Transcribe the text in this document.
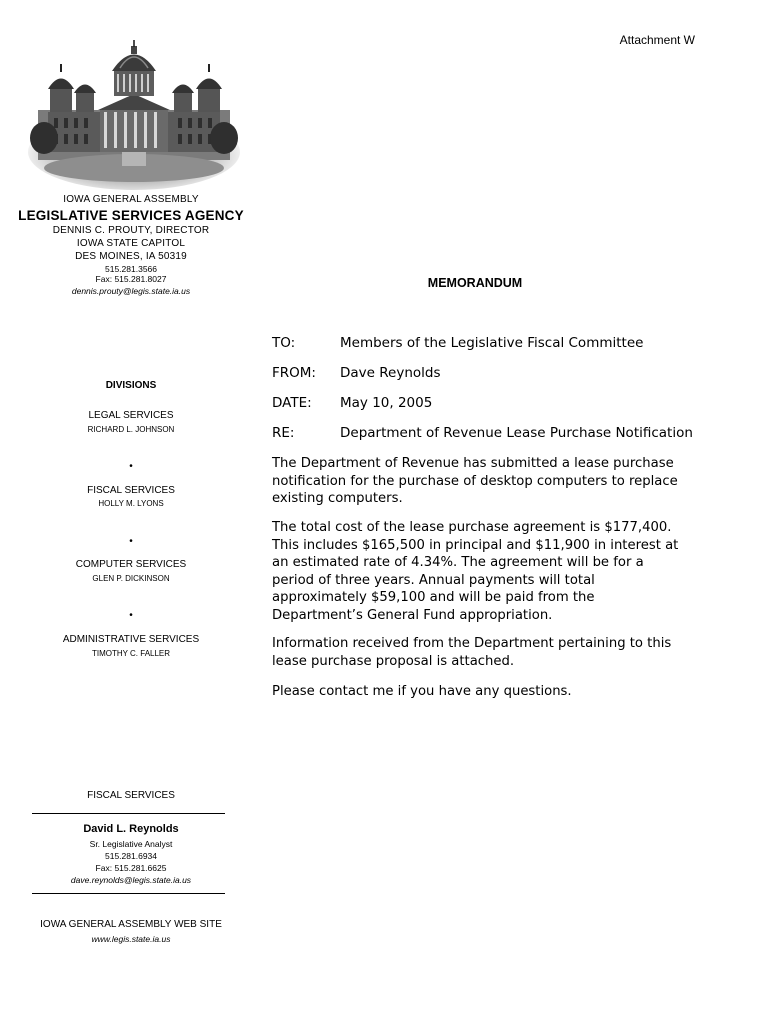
Attachment W
IOWA GENERAL ASSEMBLY
LEGISLATIVE SERVICES AGENCY
DENNIS C. PROUTY, DIRECTOR
IOWA STATE CAPITOL
DES MOINES, IA 50319
515.281.3566
Fax: 515.281.8027
dennis.prouty@legis.state.ia.us
DIVISIONS
LEGAL SERVICES
RICHARD L. JOHNSON
•
FISCAL SERVICES
HOLLY M. LYONS
•
COMPUTER SERVICES
GLEN P. DICKINSON
•
ADMINISTRATIVE SERVICES
TIMOTHY C. FALLER
FISCAL SERVICES
David L. Reynolds
Sr. Legislative Analyst
515.281.6934
Fax: 515.281.6625
dave.reynolds@legis.state.ia.us
IOWA GENERAL ASSEMBLY WEB SITE
www.legis.state.ia.us
MEMORANDUM
TO:	Members of the Legislative Fiscal Committee
FROM: Dave Reynolds
DATE: May 10, 2005
RE:	Department of Revenue Lease Purchase Notification

The Department of Revenue has submitted a lease purchase notification for the purchase of desktop computers to replace existing computers.

The total cost of the lease purchase agreement is $177,400. This includes $165,500 in principal and $11,900 in interest at an estimated rate of 4.34%. The agreement will be for a period of three years. Annual payments will total approximately $59,100 and will be paid from the Department’s General Fund appropriation.

Information received from the Department pertaining to this lease purchase proposal is attached.

Please contact me if you have any questions.
